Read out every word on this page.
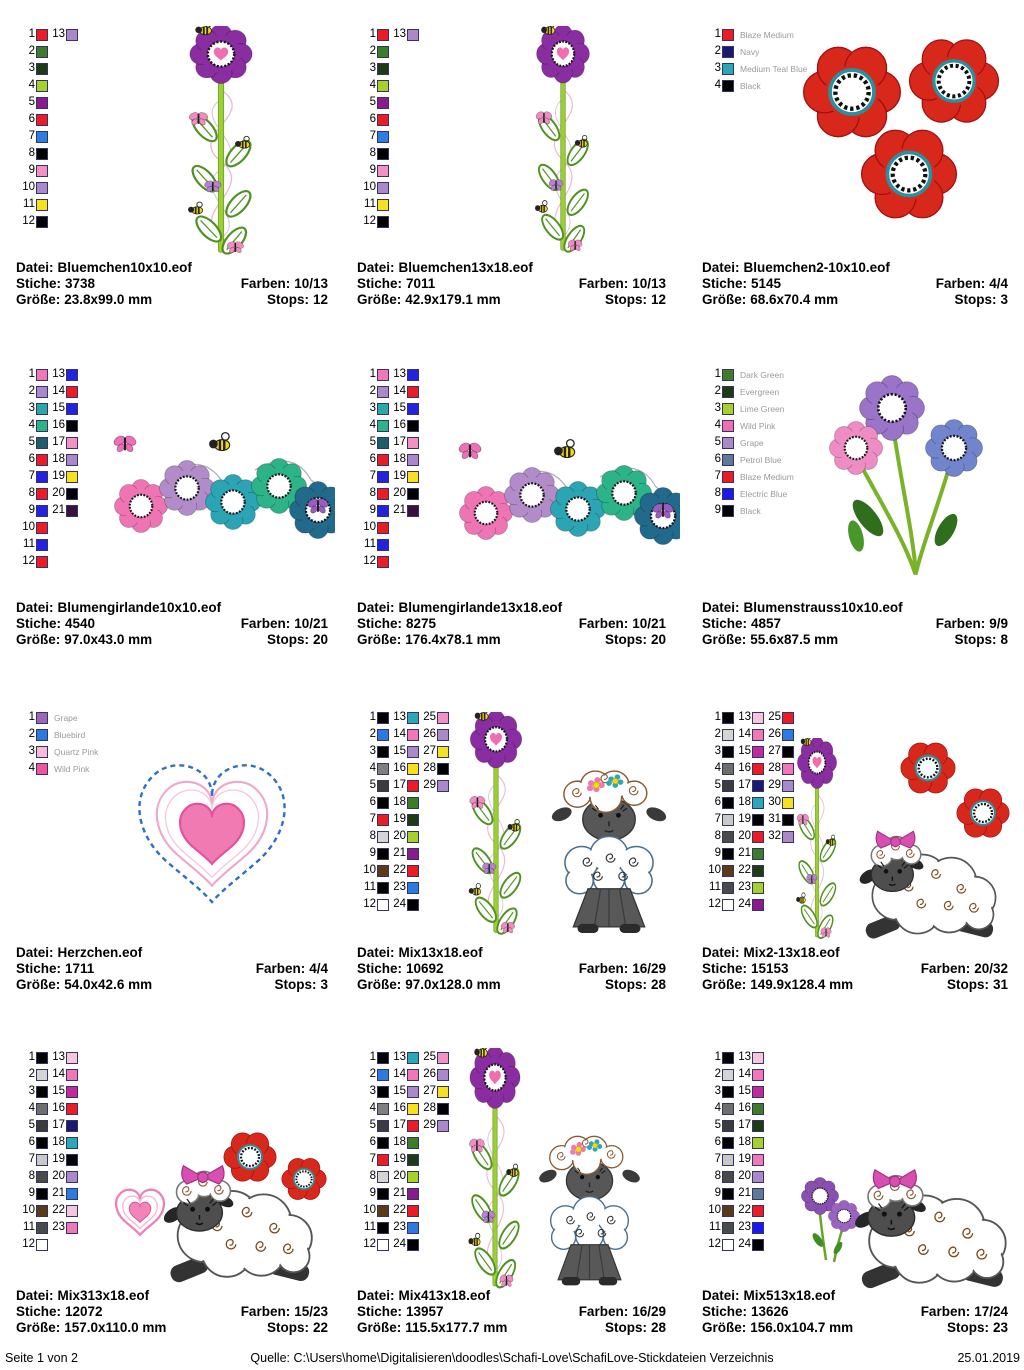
1
2
3
4
5
6
7
8
9
10
11
12
13
Datei: Bluemchen10x10.eof
Stiche: 3738	Farben: 10/13
Größe: 23.8x99.0 mm	Stops: 12
1
2
3
4
5
6
7
8
9
10
11
12
13
Datei: Bluemchen13x18.eof
Stiche: 7011	Farben: 10/13
Größe: 42.9x179.1 mm	Stops: 12
1 Blaze Medium
2 Navy
3 Medium Teal Blue
4 Black
Datei: Bluemchen2-10x10.eof
Stiche: 5145	Farben: 4/4
Größe: 68.6x70.4 mm	Stops: 3
1
2
3
4
5
6
7
8
9
10
11
12
13
14
15
16
17
18
19
20
21
Datei: Blumengirlande10x10.eof
Stiche: 4540	Farben: 10/21
Größe: 97.0x43.0 mm	Stops: 20
1
2
3
4
5
6
7
8
9
10
11
12
13
14
15
16
17
18
19
20
21
Datei: Blumengirlande13x18.eof
Stiche: 8275	Farben: 10/21
Größe: 176.4x78.1 mm	Stops: 20
1 Dark Green
2 Evergreen
3 Lime Green
4 Wild Pink
5 Grape
6 Petrol Blue
7 Blaze Medium
8 Electric Blue
9 Black
Datei: Blumenstrauss10x10.eof
Stiche: 4857	Farben: 9/9
Größe: 55.6x87.5 mm	Stops: 8
1 Grape
2 Bluebird
3 Quartz Pink
4 Wild Pink
Datei: Herzchen.eof
Stiche: 1711	Farben: 4/4
Größe: 54.0x42.6 mm	Stops: 3
1
2
3
4
5
6
7
8
9
10
11
12
13
14
15
16
17
18
19
20
21
22
23
24
25
26
27
28
29
Datei: Mix13x18.eof
Stiche: 10692	Farben: 16/29
Größe: 97.0x128.0 mm	Stops: 28
1
2
3
4
5
6
7
8
9
10
11
12
13
14
15
16
17
18
19
20
21
22
23
24
25
26
27
28
29
30
31
32
Datei: Mix2-13x18.eof
Stiche: 15153	Farben: 20/32
Größe: 149.9x128.4 mm	Stops: 31
1
2
3
4
5
6
7
8
9
10
11
12
13
14
15
16
17
18
19
20
21
22
23
Datei: Mix313x18.eof
Stiche: 12072	Farben: 15/23
Größe: 157.0x110.0 mm	Stops: 22
1
2
3
4
5
6
7
8
9
10
11
12
13
14
15
16
17
18
19
20
21
22
23
24
25
26
27
28
29
Datei: Mix413x18.eof
Stiche: 13957	Farben: 16/29
Größe: 115.5x177.7 mm	Stops: 28
1
2
3
4
5
6
7
8
9
10
11
12
13
14
15
16
17
18
19
20
21
22
23
24
Datei: Mix513x18.eof
Stiche: 13626	Farben: 17/24
Größe: 156.0x104.7 mm	Stops: 23
Seite 1 von 2	Quelle: C:\Users\home\Digitalisieren\doodles\Schafi-Love\SchafiLove-Stickdateien Verzeichnis	25.01.2019
